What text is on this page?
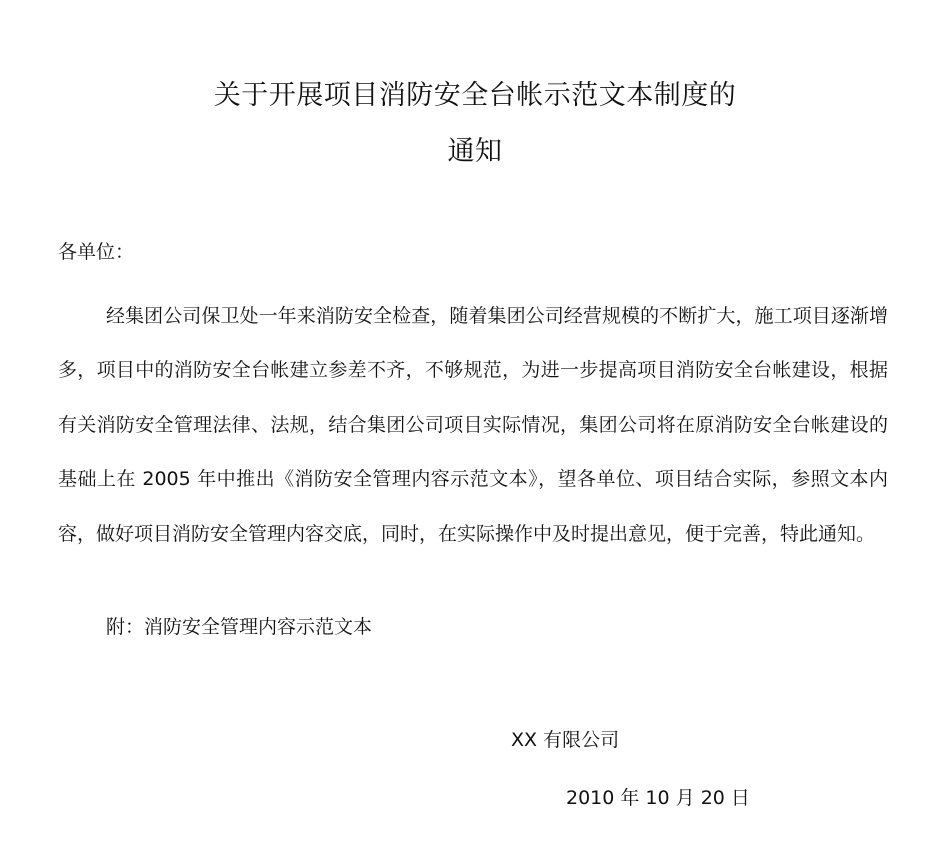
关于开展项目消防安全台帐示范文本制度的
通知

各单位：

经集团公司保卫处一年来消防安全检查，随着集团公司经营规模的不断扩大，施工项目逐渐增多，项目中的消防安全台帐建立参差不齐，不够规范，为进一步提高项目消防安全台帐建设，根据有关消防安全管理法律、法规，结合集团公司项目实际情况，集团公司将在原消防安全台帐建设的基础上在 2005 年中推出《消防安全管理内容示范文本》，望各单位、项目结合实际，参照文本内容，做好项目消防安全管理内容交底，同时，在实际操作中及时提出意见，便于完善，特此通知。

附：消防安全管理内容示范文本

XX 有限公司

2010 年 10 月 20 日
